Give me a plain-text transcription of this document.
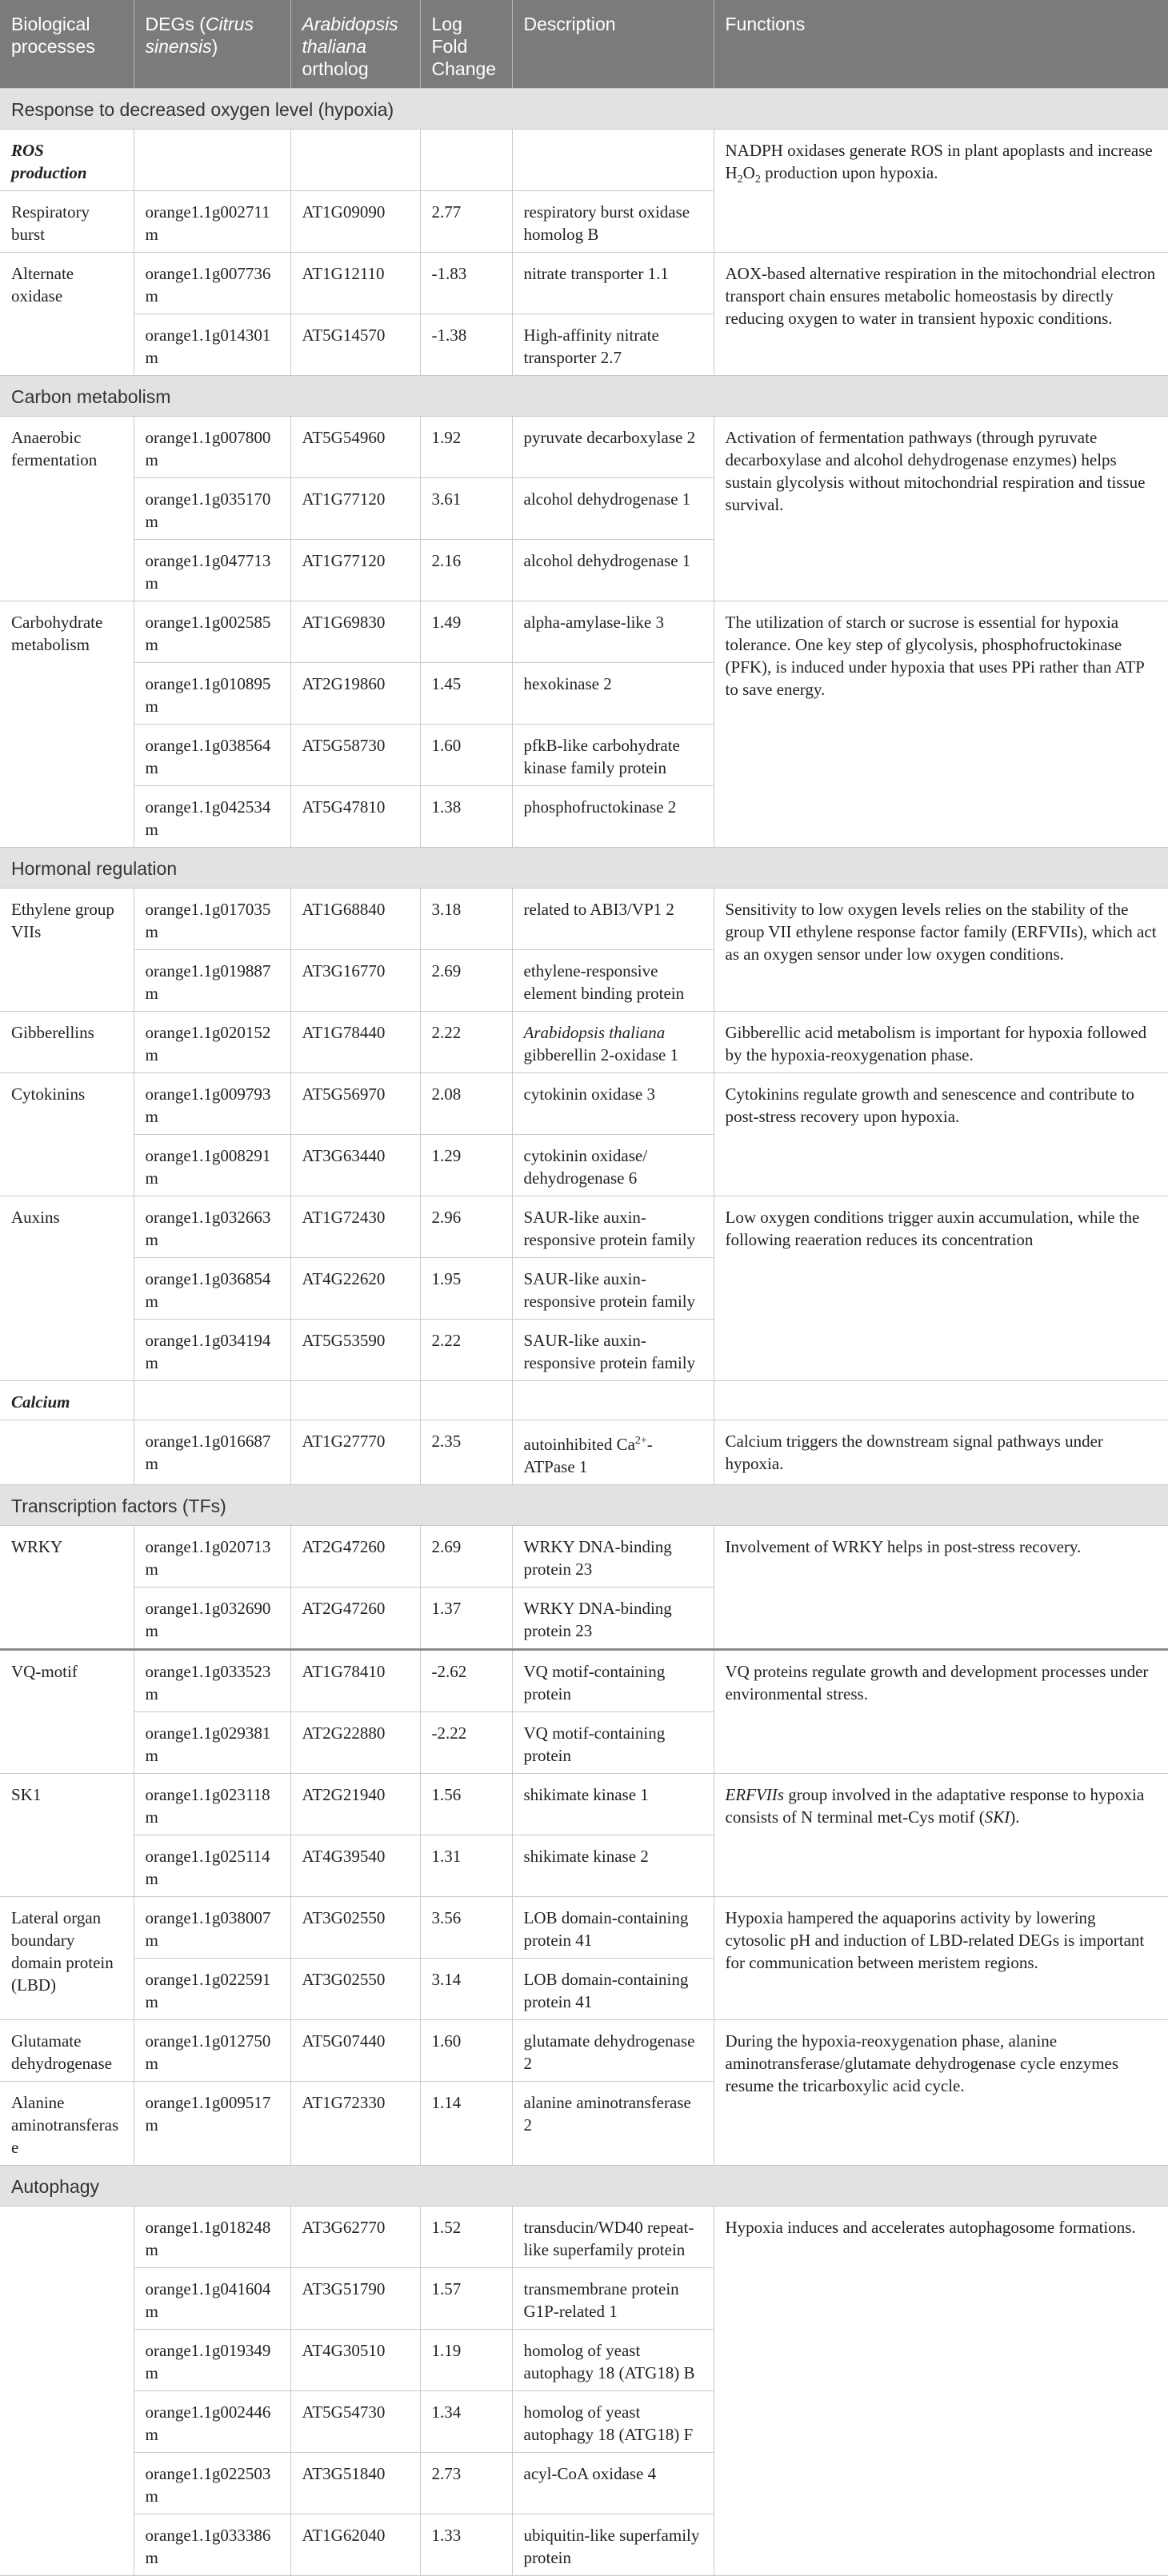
Biological processes	DEGs (Citrus sinensis)	Arabidopsis thaliana ortholog	Log Fold Change	Description	Functions
Response to decreased oxygen level (hypoxia)					
ROS production					NADPH oxidases generate ROS in plant apoplasts and increase $H_2O_2$ production upon hypoxia.
Respiratory burst	orange1.1g002711m	AT1G09090	2.77	respiratory burst oxidase homolog B	
Alternate oxidase	orange1.1g007736m	AT1G12110	-1.83	nitrate transporter 1.1	AOX-based alternative respiration in the mitochondrial electron transport chain ensures metabolic homeostasis by directly reducing oxygen to water in transient hypoxic conditions.
	orange1.1g014301m	AT5G14570	-1.38	High-affinity nitrate transporter 2.7	
Carbon metabolism					
Anaerobic fermentation	orange1.1g007800m	AT5G54960	1.92	pyruvate decarboxylase 2	Activation of fermentation pathways (through pyruvate decarboxylase and alcohol dehydrogenase enzymes) helps sustain glycolysis without mitochondrial respiration and tissue survival.
	orange1.1g035170m	AT1G77120	3.61	alcohol dehydrogenase 1	
	orange1.1g047713m	AT1G77120	2.16	alcohol dehydrogenase 1	
Carbohydrate metabolism	orange1.1g002585m	AT1G69830	1.49	alpha-amylase-like 3	The utilization of starch or sucrose is essential for hypoxia tolerance. One key step of glycolysis, phosphofructokinase (PFK), is induced under hypoxia that uses PPi rather than ATP to save energy.
	orange1.1g010895m	AT2G19860	1.45	hexokinase 2	
	orange1.1g038564m	AT5G58730	1.60	pfkB-like carbohydrate kinase family protein	
	orange1.1g042534m	AT5G47810	1.38	phosphofructokinase 2	
Hormonal regulation					
Ethylene group VIIs	orange1.1g017035m	AT1G68840	3.18	related to ABI3/VP1 2	Sensitivity to low oxygen levels relies on the stability of the group VII ethylene response factor family (ERFVIIs), which act as an oxygen sensor under low oxygen conditions.
	orange1.1g019887m	AT3G16770	2.69	ethylene-responsive element binding protein	
Gibberellins	orange1.1g020152m	AT1G78440	2.22	Arabidopsis thaliana gibberellin 2-oxidase 1	Gibberellic acid metabolism is important for hypoxia followed by the hypoxia-reoxygenation phase.
Cytokinins	orange1.1g009793m	AT5G56970	2.08	cytokinin oxidase 3	Cytokinins regulate growth and senescence and contribute to post-stress recovery upon hypoxia.
	orange1.1g008291m	AT3G63440	1.29	cytokinin oxidase/ dehydrogenase 6	
Auxins	orange1.1g032663m	AT1G72430	2.96	SAUR-like auxin-responsive protein family	Low oxygen conditions trigger auxin accumulation, while the following reaeration reduces its concentration
	orange1.1g036854m	AT4G22620	1.95	SAUR-like auxin-responsive protein family	
	orange1.1g034194m	AT5G53590	2.22	SAUR-like auxin-responsive protein family	
Calcium					
	orange1.1g016687m	AT1G27770	2.35	autoinhibited $Ca^{2+}$-ATPase 1	Calcium triggers the downstream signal pathways under hypoxia.
Transcription factors (TFs)					
WRKY	orange1.1g020713m	AT2G47260	2.69	WRKY DNA-binding protein 23	Involvement of WRKY helps in post-stress recovery.
	orange1.1g032690m	AT2G47260	1.37	WRKY DNA-binding protein 23	
VQ-motif	orange1.1g033523m	AT1G78410	-2.62	VQ motif-containing protein	VQ proteins regulate growth and development processes under environmental stress.
	orange1.1g029381m	AT2G22880	-2.22	VQ motif-containing protein	
SK1	orange1.1g023118m	AT2G21940	1.56	shikimate kinase 1	ERFVIIs group involved in the adaptative response to hypoxia consists of N terminal met-Cys motif (SKI).
	orange1.1g025114m	AT4G39540	1.31	shikimate kinase 2	
Lateral organ boundary domain protein (LBD)	orange1.1g038007m	AT3G02550	3.56	LOB domain-containing protein 41	Hypoxia hampered the aquaporins activity by lowering cytosolic pH and induction of LBD-related DEGs is important for communication between meristem regions.
	orange1.1g022591m	AT3G02550	3.14	LOB domain-containing protein 41	
Glutamate dehydrogenase	orange1.1g012750m	AT5G07440	1.60	glutamate dehydrogenase 2	During the hypoxia-reoxygenation phase, alanine aminotransferase/glutamate dehydrogenase cycle enzymes resume the tricarboxylic acid cycle.
Alanine aminotransferase	orange1.1g009517m	AT1G72330	1.14	alanine aminotransferase 2	
Autophagy					
	orange1.1g018248m	AT3G62770	1.52	transducin/WD40 repeat-like superfamily protein	Hypoxia induces and accelerates autophagosome formations.
	orange1.1g041604m	AT3G51790	1.57	transmembrane protein G1P-related 1	
	orange1.1g019349m	AT4G30510	1.19	homolog of yeast autophagy 18 (ATG18) B	
	orange1.1g002446m	AT5G54730	1.34	homolog of yeast autophagy 18 (ATG18) F	
	orange1.1g022503m	AT3G51840	2.73	acyl-CoA oxidase 4	
	orange1.1g033386m	AT1G62040	1.33	ubiquitin-like superfamily protein	
